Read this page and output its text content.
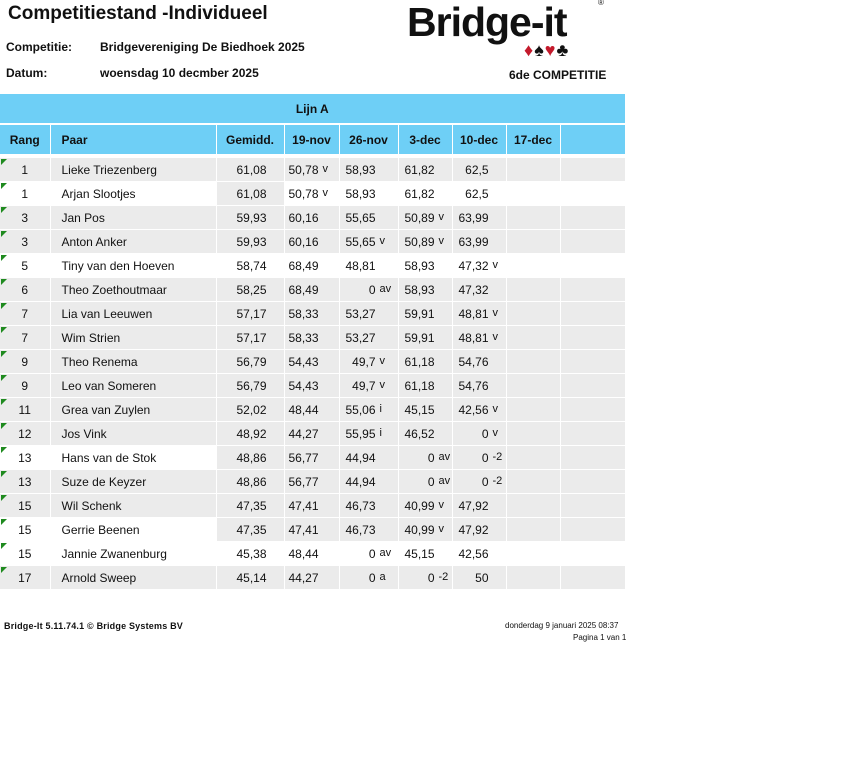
Competitiestand -Individueel
Competitie: Bridgevereniging De Biedhoek 2025
Datum:	woensdag 10 decmber 2025
Bridge-it	®
♦♠♥♣
6de COMPETITIE
Lijn A								
Rang	Paar	Gemidd.	19-nov	26-nov	3-dec	10-dec	17-dec	

1	Lieke Triezenberg	61,08	50,78 v	58,93	61,82	62,5		

1	Arjan Slootjes	61,08	50,78 v	58,93	61,82	62,5		

3	Jan Pos	59,93	60,16	55,65	50,89 v	63,99		

3	Anton Anker	59,93	60,16	55,65 v	50,89 v	63,99		

5	Tiny van den Hoeven	58,74	68,49	48,81	58,93	47,32 v		

6	Theo Zoethoutmaar	58,25	68,49	0 av	58,93	47,32		

7	Lia van Leeuwen	57,17	58,33	53,27	59,91	48,81 v		

7	Wim Strien	57,17	58,33	53,27	59,91	48,81 v		

9	Theo Renema	56,79	54,43	49,7 v	61,18	54,76		

9	Leo van Someren	56,79	54,43	49,7 v	61,18	54,76		

11	Grea van Zuylen	52,02	48,44	55,06 i	45,15	42,56 v		

12	Jos Vink	48,92	44,27	55,95 i	46,52	0 v		

13	Hans van de Stok	48,86	56,77	44,94	0 av	0 -2		

13	Suze de Keyzer	48,86	56,77	44,94	0 av	0 -2		

15	Wil Schenk	47,35	47,41	46,73	40,99 v	47,92		

15	Gerrie Beenen	47,35	47,41	46,73	40,99 v	47,92		

15	Jannie Zwanenburg	45,38	48,44	0 av	45,15	42,56		

17	Arnold Sweep	45,14	44,27	0 a	0 -2	50		

Bridge-It 5.11.74.1 © Bridge Systems BV	donderdag 9 januari 2025 08:37
Pagina 1 van 1
